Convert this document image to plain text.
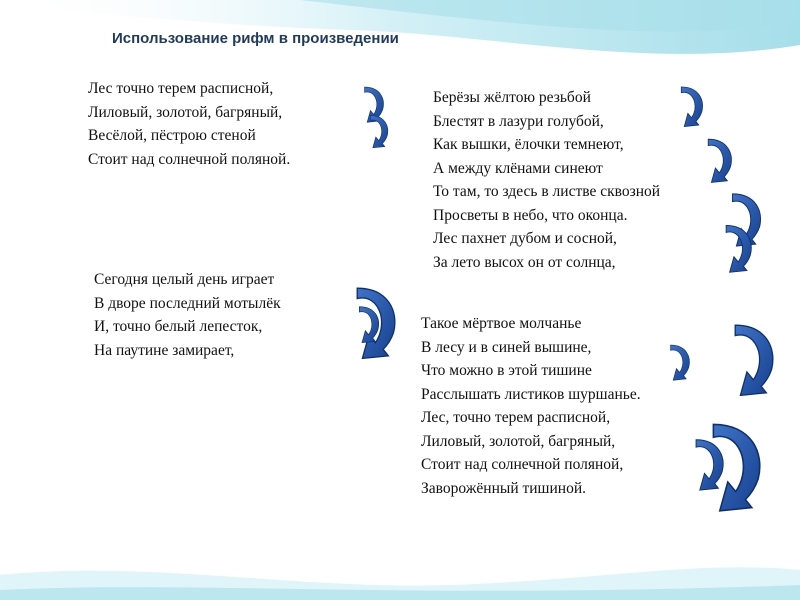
Использование рифм в произведении
Лес точно терем расписной,
Лиловый, золотой, багряный,
Весёлой, пёстрою стеной
Стоит над солнечной поляной.
Берёзы жёлтою резьбой
Блестят в лазури голубой,
Как вышки, ёлочки темнеют,
А между клёнами синеют
То там, то здесь в листве сквозной
Просветы в небо, что оконца.
Лес пахнет дубом и сосной,
За лето высох он от солнца,
Сегодня целый день играет
В дворе последний мотылёк
И, точно белый лепесток,
На паутине замирает,
Такое мёртвое молчанье
В лесу и в синей вышине,
Что можно в этой тишине
Расслышать листиков шуршанье.
Лес, точно терем расписной,
Лиловый, золотой, багряный,
Стоит над солнечной поляной,
Заворожённый тишиной.
